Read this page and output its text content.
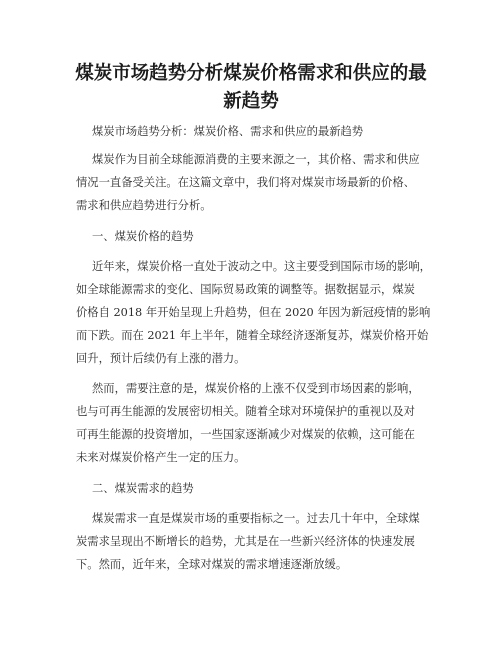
煤炭市场趋势分析煤炭价格需求和供应的最
新趋势
煤炭市场趋势分析：煤炭价格、需求和供应的最新趋势
煤炭作为目前全球能源消费的主要来源之一，其价格、需求和供应
情况一直备受关注。在这篇文章中，我们将对煤炭市场最新的价格、
需求和供应趋势进行分析。
一、煤炭价格的趋势
近年来，煤炭价格一直处于波动之中。这主要受到国际市场的影响，
如全球能源需求的变化、国际贸易政策的调整等。据数据显示，煤炭
价格自 2018 年开始呈现上升趋势，但在 2020 年因为新冠疫情的影响
而下跌。而在 2021 年上半年，随着全球经济逐渐复苏，煤炭价格开始
回升，预计后续仍有上涨的潜力。
然而，需要注意的是，煤炭价格的上涨不仅受到市场因素的影响，
也与可再生能源的发展密切相关。随着全球对环境保护的重视以及对
可再生能源的投资增加，一些国家逐渐减少对煤炭的依赖，这可能在
未来对煤炭价格产生一定的压力。
二、煤炭需求的趋势
煤炭需求一直是煤炭市场的重要指标之一。过去几十年中，全球煤
炭需求呈现出不断增长的趋势，尤其是在一些新兴经济体的快速发展
下。然而，近年来，全球对煤炭的需求增速逐渐放缓。
